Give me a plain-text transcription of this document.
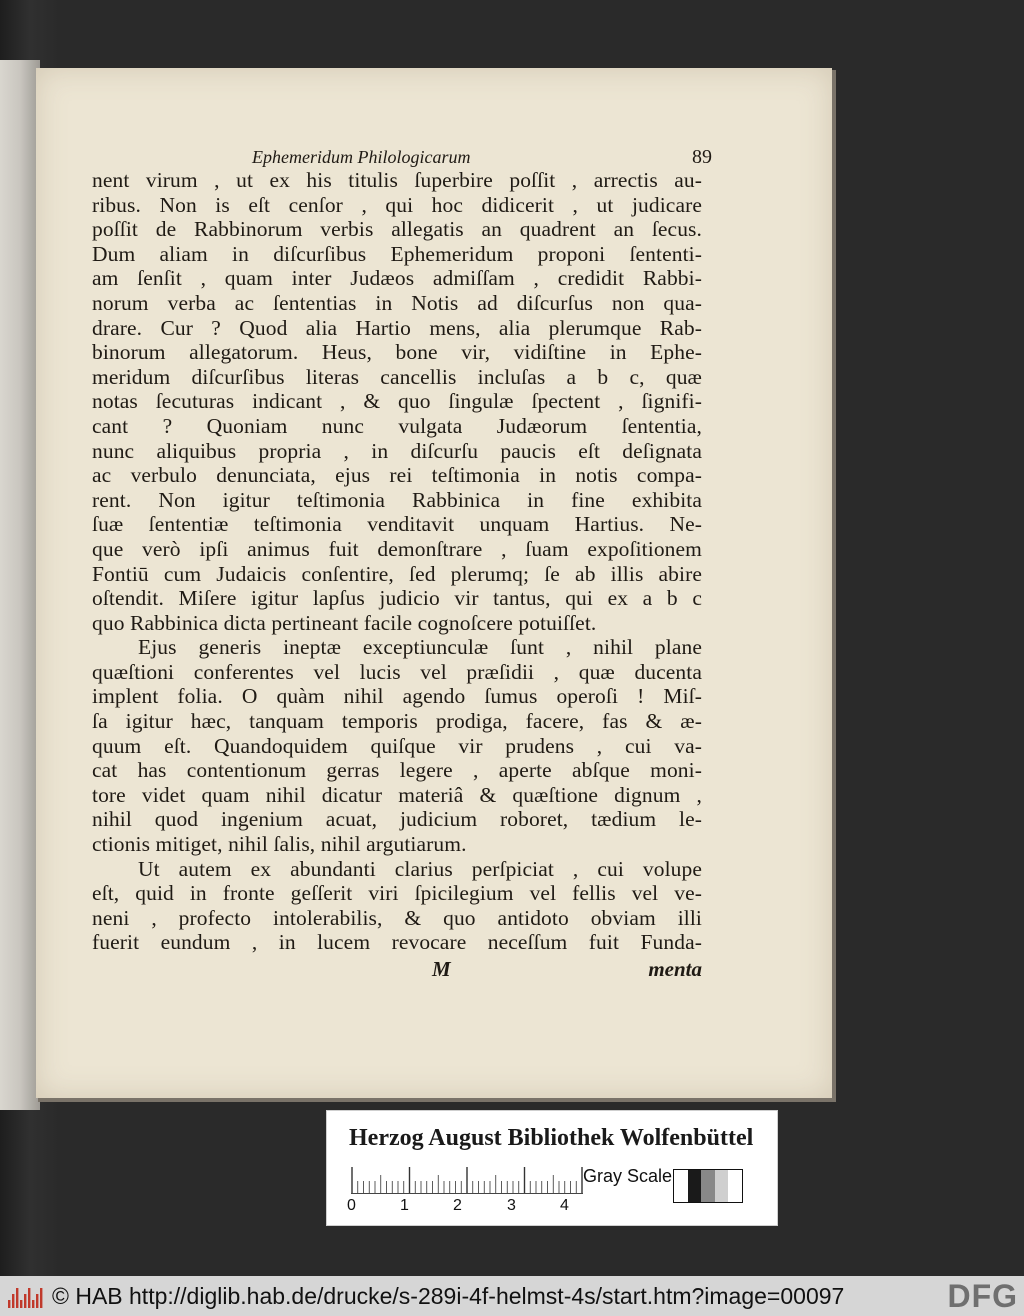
Ephemeridum Philologicarum	89
nent virum , ut ex his titulis ſuperbire poſſit , arrectis au-
ribus. Non is eſt cenſor , qui hoc didicerit , ut judicare
poſſit de Rabbinorum verbis allegatis an quadrent an ſecus.
Dum aliam in diſcurſibus Ephemeridum proponi ſententi-
am ſenſit , quam inter Judæos admiſſam , credidit Rabbi-
norum verba ac ſententias in Notis ad diſcurſus non qua-
drare. Cur ? Quod alia Hartio mens, alia plerumque Rab-
binorum allegatorum. Heus, bone vir, vidiſtine in Ephe-
meridum diſcurſibus literas cancellis incluſas a b c, quæ
notas ſecuturas indicant , & quo ſingulæ ſpectent , ſignifi-
cant ? Quoniam nunc vulgata Judæorum ſententia,
nunc aliquibus propria , in diſcurſu paucis eſt deſignata
ac verbulo denunciata, ejus rei teſtimonia in notis compa-
rent. Non igitur teſtimonia Rabbinica in fine exhibita
ſuæ ſententiæ teſtimonia venditavit unquam Hartius. Ne-
que verò ipſi animus fuit demonſtrare , ſuam expoſitionem
Fontiū cum Judaicis conſentire, ſed plerumq; ſe ab illis abire
oſtendit. Miſere igitur lapſus judicio vir tantus, qui ex a b c
quo Rabbinica dicta pertineant facile cognoſcere potuiſſet.
Ejus generis ineptæ exceptiunculæ ſunt , nihil plane
quæſtioni conferentes vel lucis vel præſidii , quæ ducenta
implent folia. O quàm nihil agendo ſumus operoſi ! Miſ-
ſa igitur hæc, tanquam temporis prodiga, facere, fas & æ-
quum eſt. Quandoquidem quiſque vir prudens , cui va-
cat has contentionum gerras legere , aperte abſque moni-
tore videt quam nihil dicatur materiâ & quæſtione dignum ,
nihil quod ingenium acuat, judicium roboret, tædium le-
ctionis mitiget, nihil ſalis, nihil argutiarum.
Ut autem ex abundanti clarius perſpiciat , cui volupe
eſt, quid in fronte geſſerit viri ſpicilegium vel fellis vel ve-
neni , profecto intolerabilis, & quo antidoto obviam illi
fuerit eundum , in lucem revocare neceſſum fuit Funda-
M	menta
Herzog August Bibliothek Wolfenbüttel
0	1	2	3	4
Gray Scale
© HAB http://diglib.hab.de/drucke/s-289i-4f-helmst-4s/start.htm?image=00097	DFG
